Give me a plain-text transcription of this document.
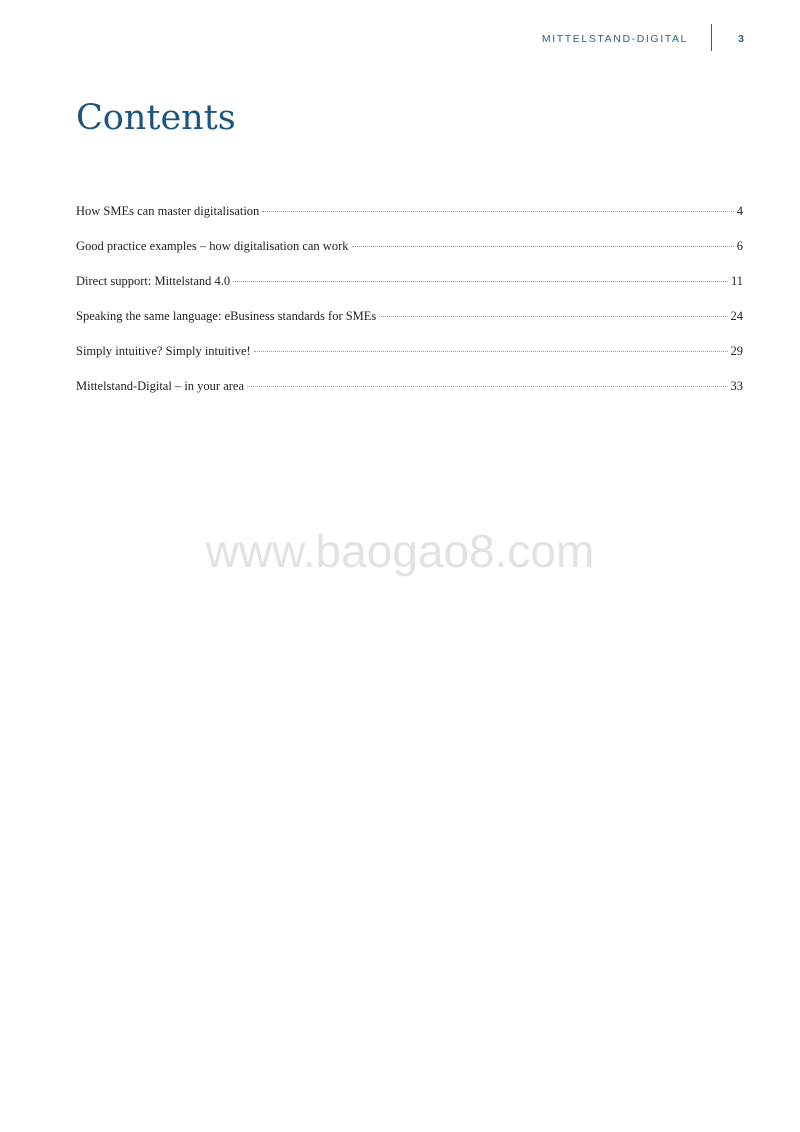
MITTELSTAND-DIGITAL	3
Contents
How SMEs can master digitalisation	4
Good practice examples – how digitalisation can work	6
Direct support: Mittelstand 4.0	11
Speaking the same language: eBusiness standards for SMEs	24
Simply intuitive? Simply intuitive!	29
Mittelstand-Digital – in your area	33
www.baogao8.com
